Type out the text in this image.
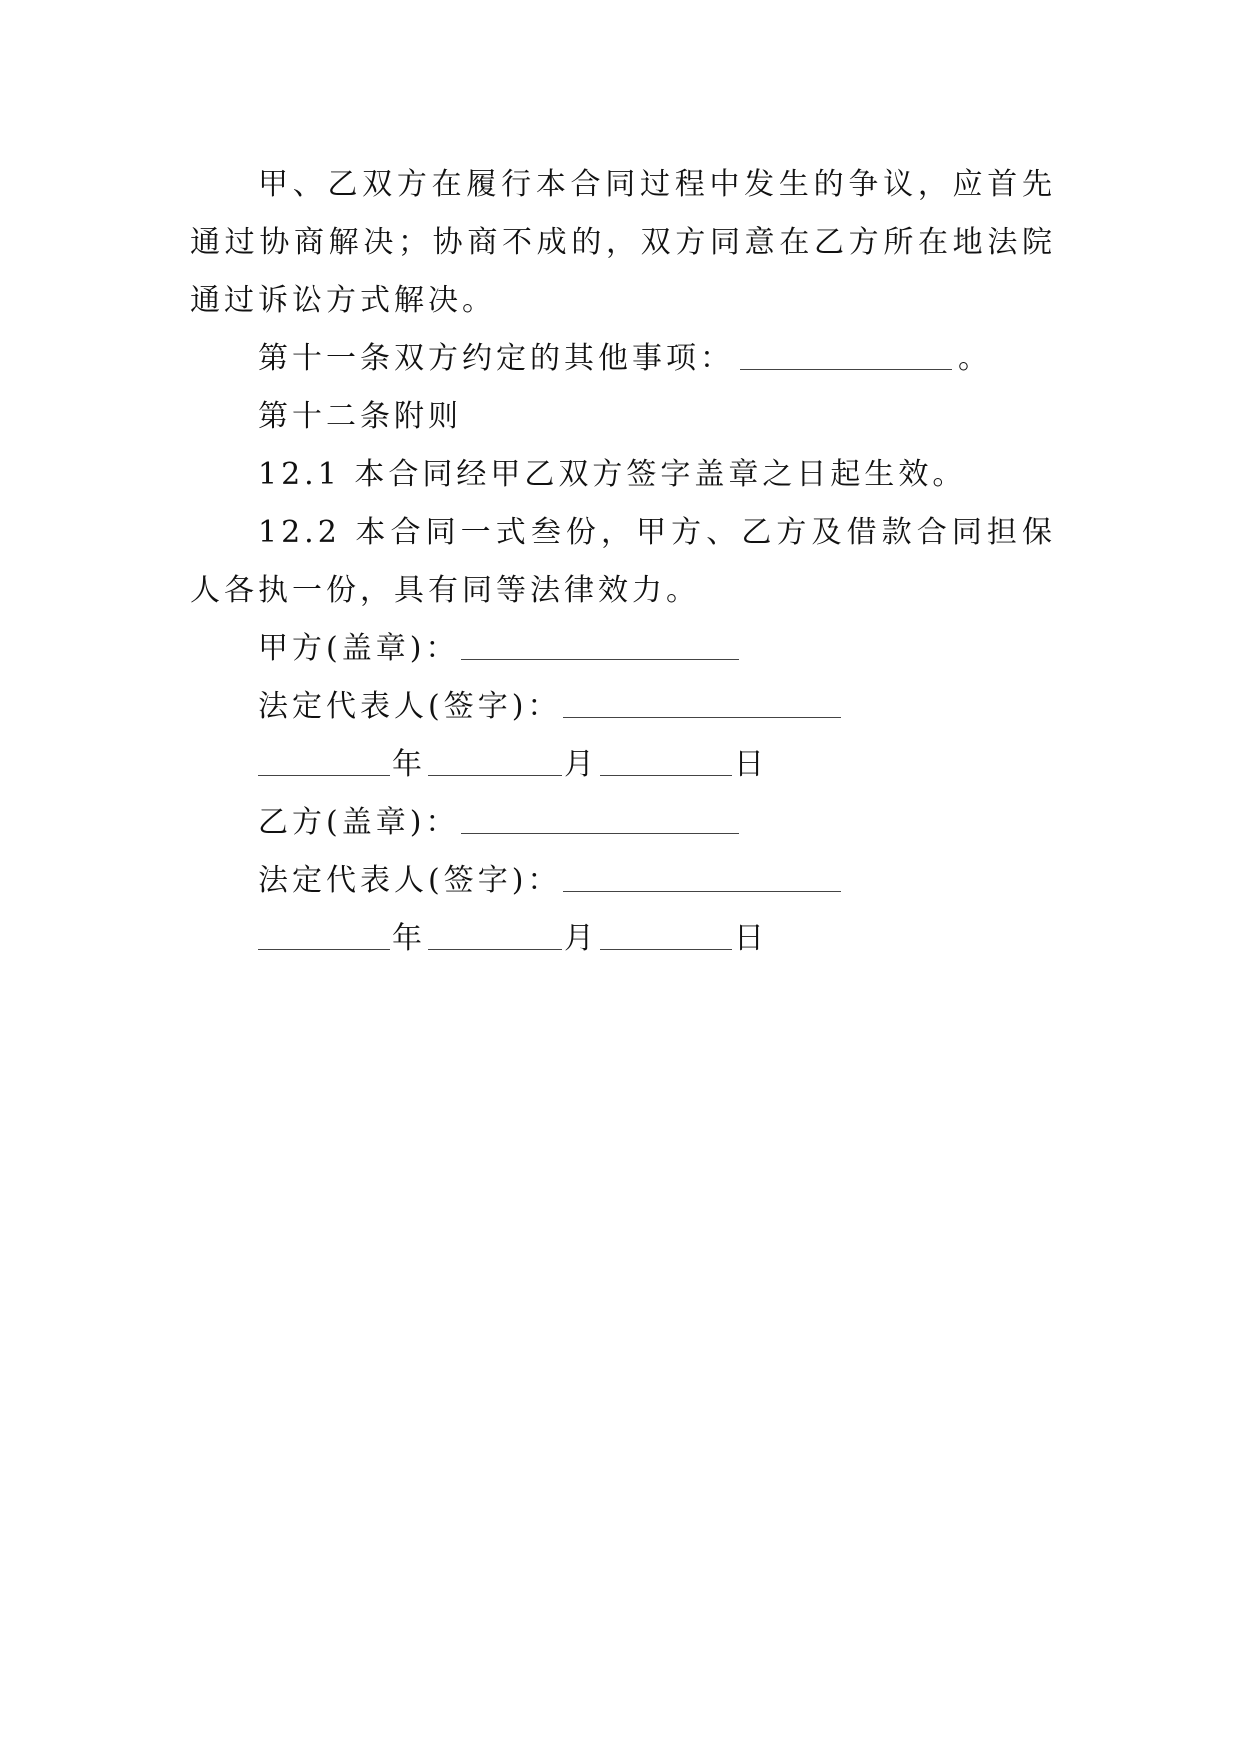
甲、乙双方在履行本合同过程中发生的争议，应首先通过协商解决；协商不成的，双方同意在乙方所在地法院通过诉讼方式解决。

第十一条双方约定的其他事项：	。

第十二条附则

12.1 本合同经甲乙双方签字盖章之日起生效。

12.2 本合同一式叁份，甲方、乙方及借款合同担保人各执一份，具有同等法律效力。

甲方(盖章)：

法定代表人(签字)：

年	月	日

乙方(盖章)：

法定代表人(签字)：

年	月	日
